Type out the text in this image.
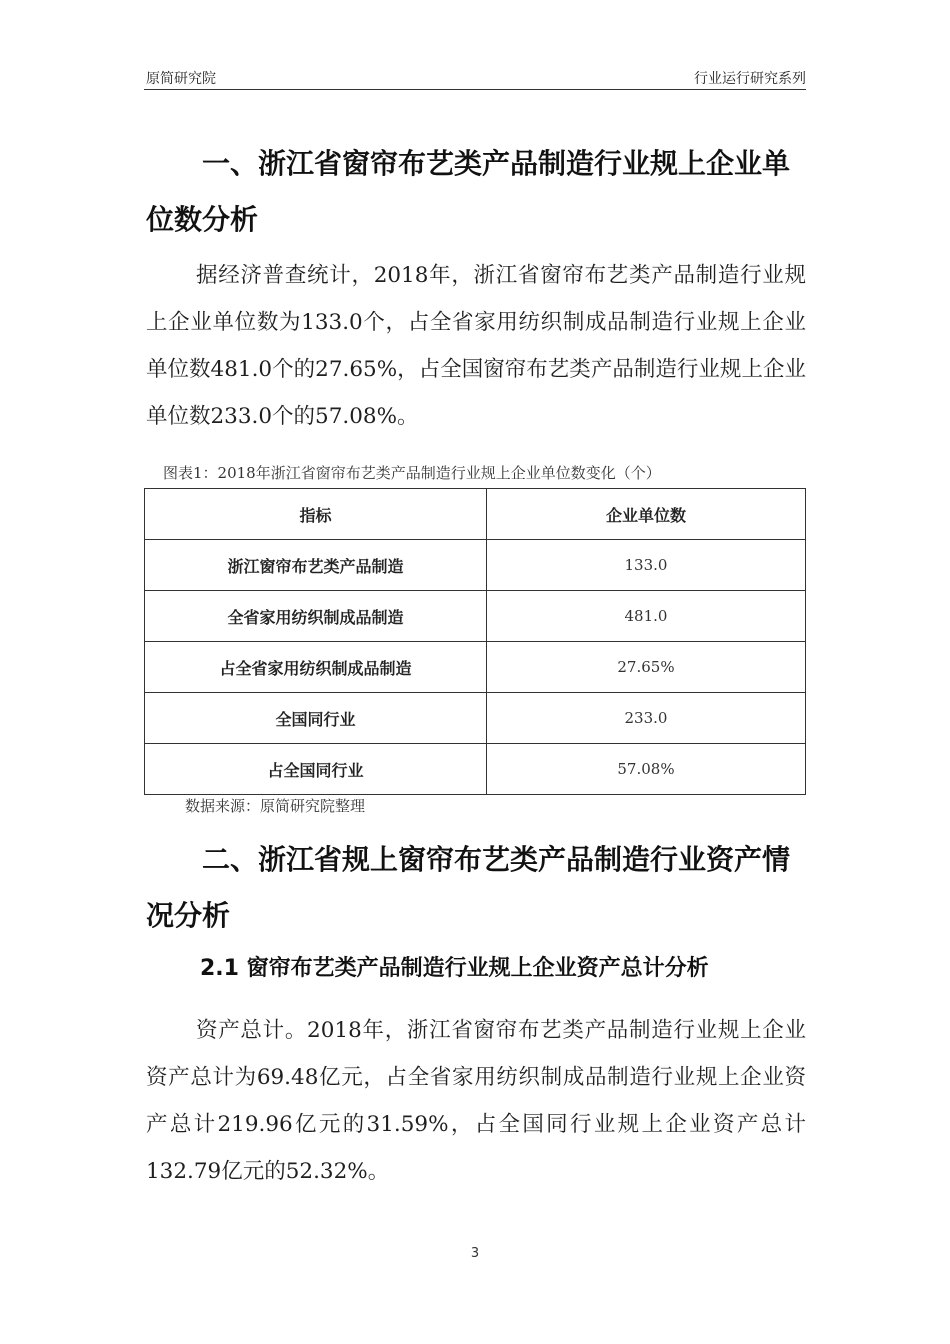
原简研究院	行业运行研究系列
一、浙江省窗帘布艺类产品制造行业规上企业单位数分析

据经济普查统计，2018年，浙江省窗帘布艺类产品制造行业规上企业单位数为133.0个，占全省家用纺织制成品制造行业规上企业单位数481.0个的27.65%，占全国窗帘布艺类产品制造行业规上企业单位数233.0个的57.08%。

图表1：2018年浙江省窗帘布艺类产品制造行业规上企业单位数变化（个）
指标	企业单位数
浙江窗帘布艺类产品制造	133.0
全省家用纺织制成品制造	481.0
占全省家用纺织制成品制造	27.65%
全国同行业	233.0
占全国同行业	57.08%
数据来源：原简研究院整理
二、浙江省规上窗帘布艺类产品制造行业资产情况分析
2.1 窗帘布艺类产品制造行业规上企业资产总计分析

资产总计。2018年，浙江省窗帘布艺类产品制造行业规上企业资产总计为69.48亿元，占全省家用纺织制成品制造行业规上企业资产总计219.96亿元的31.59%，占全国同行业规上企业资产总计132.79亿元的52.32%。

3
